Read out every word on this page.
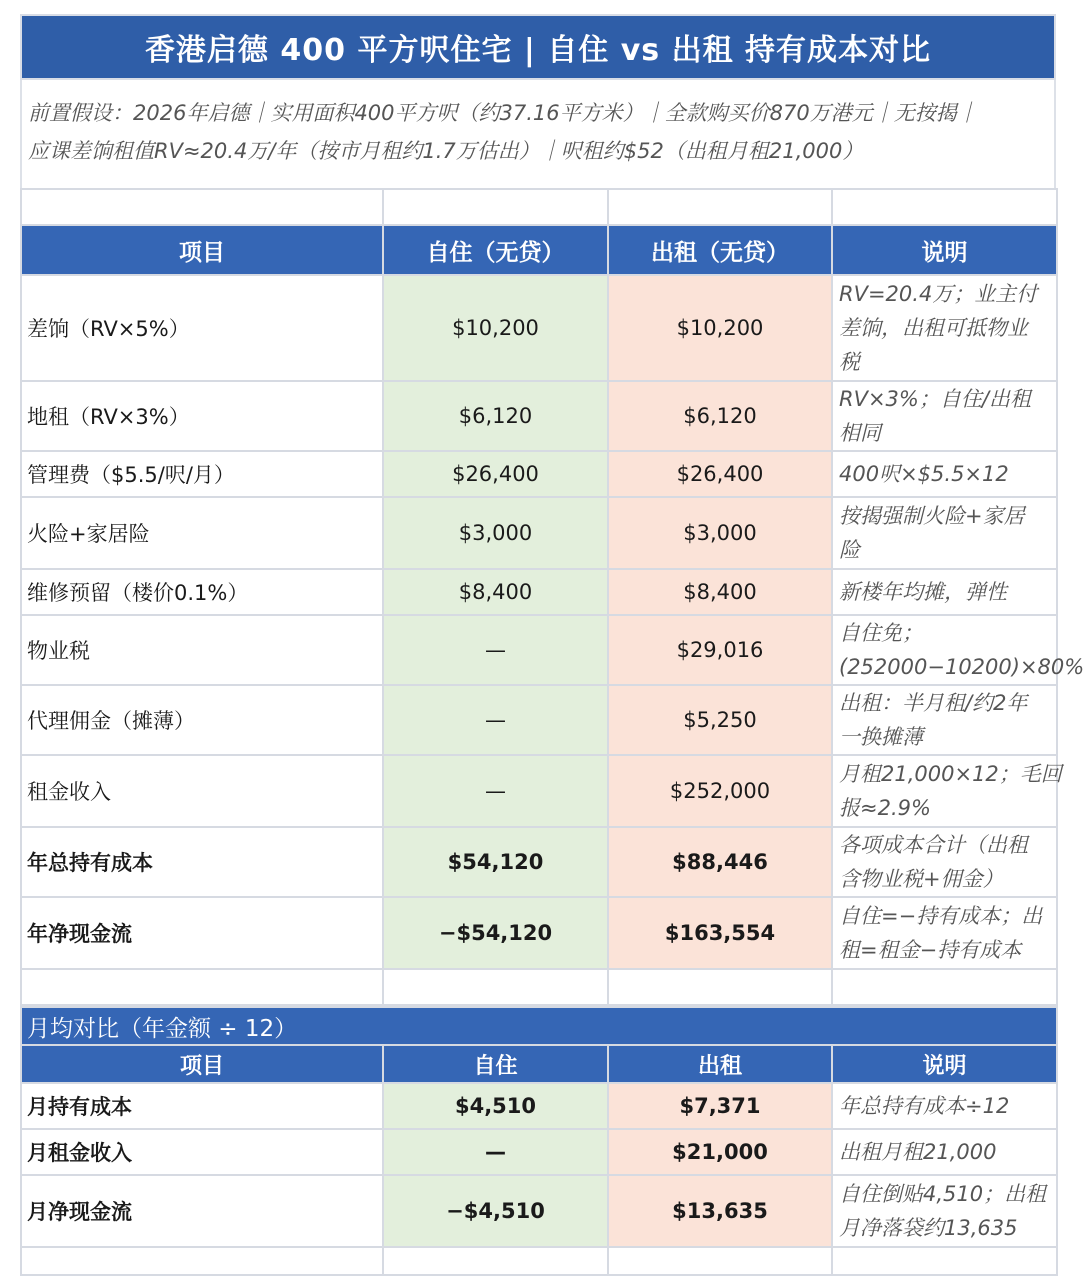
香港启德 400 平方呎住宅 | 自住 vs 出租 持有成本对比
前置假设：2026年启德｜实用面积400平方呎（约37.16平方米）｜全款购买价870万港元｜无按揭｜
应课差饷租值RV≈20.4万/年（按市月租约1.7万估出）｜呎租约$52（出租月租21,000）

项目	自住（无贷）	出租（无贷）	说明
差饷（RV×5%）	$10,200	$10,200	RV=20.4万；业主付
差饷，出租可抵物业
税

地租（RV×3%）	$6,120	$6,120	RV×3%；自住/出租
相同

管理费（$5.5/呎/月）	$26,400	$26,400	400呎×$5.5×12

火险+家居险	$3,000	$3,000	按揭强制火险+家居
险

维修预留（楼价0.1%）	$8,400	$8,400	新楼年均摊，弹性

物业税	—	$29,016	自住免；
(252000−10200)×80%

代理佣金（摊薄）	—	$5,250	出租：半月租/约2年
一换摊薄

租金收入	—	$252,000	月租21,000×12；毛回
报≈2.9%

年总持有成本	$54,120	$88,446	各项成本合计（出租
含物业税+佣金）

年净现金流	−$54,120	$163,554	自住=−持有成本；出
租=租金−持有成本

月均对比（年金额 ÷ 12）			
项目	自住	出租	说明
月持有成本	$4,510	$7,371	年总持有成本÷12

月租金收入	—	$21,000	出租月租21,000

月净现金流	−$4,510	$13,635	自住倒贴4,510；出租
月净落袋约13,635
